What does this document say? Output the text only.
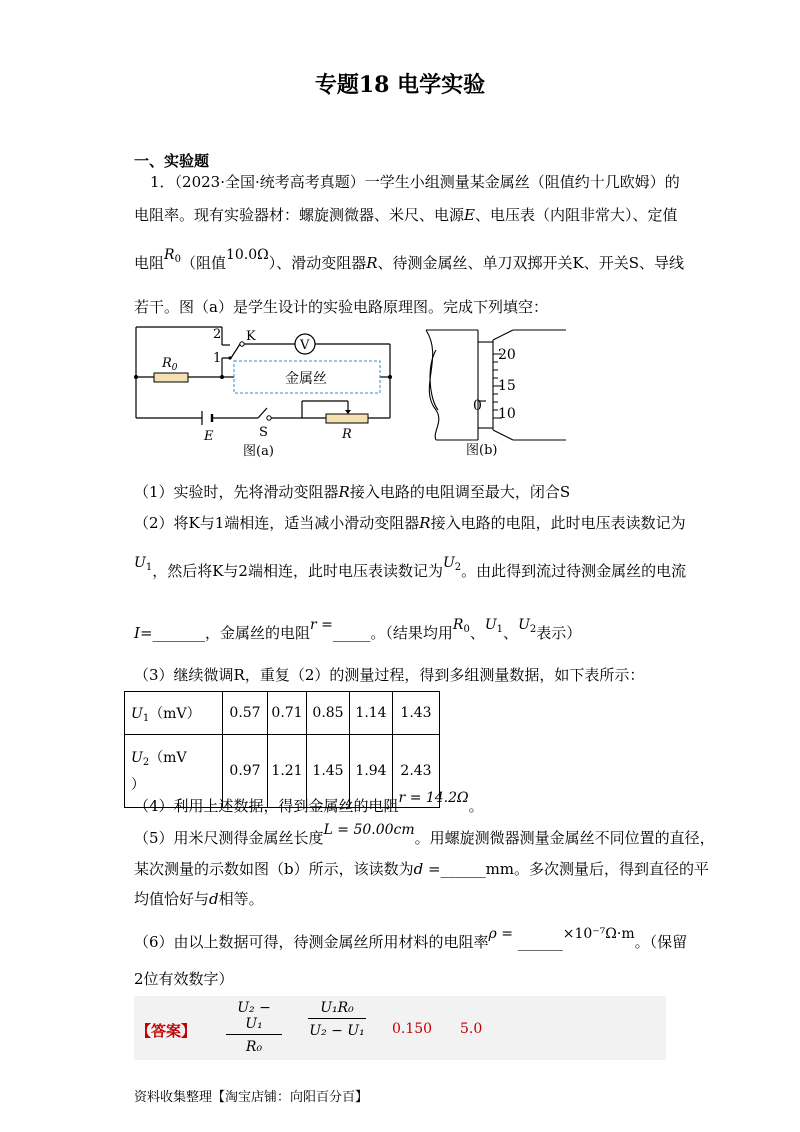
专题18 电学实验
一、实验题
1．（2023·全国·统考高考真题）一学生小组测量某金属丝（阻值约十几欧姆）的
电阻率。现有实验器材：螺旋测微器、米尺、电源E、电压表（内阻非常大）、定值
电阻$R_0$（阻值10.0Ω）、滑动变阻器R、待测金属丝、单刀双掷开关K、开关S、导线
若干。图（a）是学生设计的实验电路原理图。完成下列填空：
V
金属丝
2
1
K
$R_0$
E	S	R
图(a)
20
15
10
0
图(b)
（1）实验时，先将滑动变阻器R接入电路的电阻调至最大，闭合S
（2）将K与1端相连，适当减小滑动变阻器R接入电路的电阻，此时电压表读数记为
$U_1$，然后将K与2端相连，此时电压表读数记为$U_2$。由此得到流过待测金属丝的电流
I=_______，金属丝的电阻r =_____。（结果均用$R_0$、$U_1$、$U_2$表示）
（3）继续微调R，重复（2）的测量过程，得到多组测量数据，如下表所示：
$U_1(mV)$	0.57	0.71	0.85	1.14	1.43
$U_2(mV$
）	0.97	1.21	1.45	1.94	2.43
（4）利用上述数据，得到金属丝的电阻r = 14.2Ω。
（5）用米尺测得金属丝长度L = 50.00cm。用螺旋测微器测量金属丝不同位置的直径，
某次测量的示数如图（b）所示，该读数为d =______mm。多次测量后，得到直径的平
均值恰好与d相等。
（6）由以上数据可得，待测金属丝所用材料的电阻率ρ = ______×10⁻⁷Ω·m。（保留
2位有效数字）
【答案】 $\frac{\text{U₂ − U₁}}{\text{R₀}} \frac{\text{U₁R₀}}{\text{U₂ − U₁}} 0.150$ 5.0
资料收集整理【淘宝店铺：向阳百分百】
